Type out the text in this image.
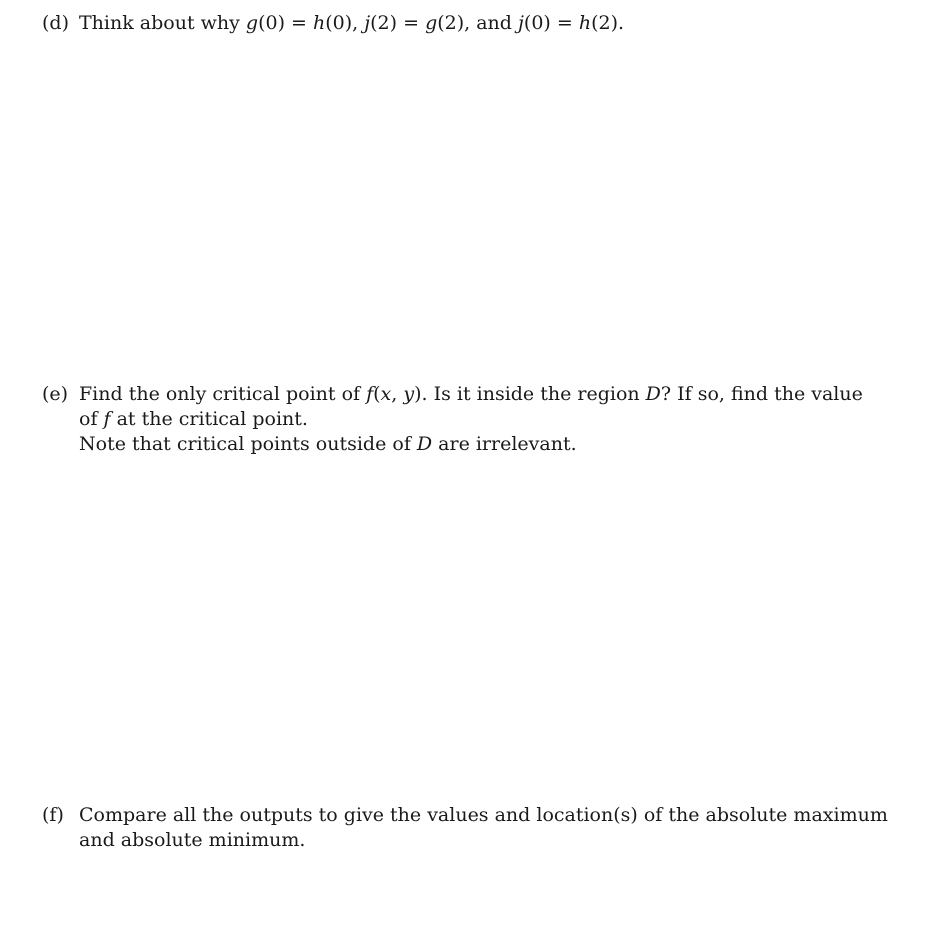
(d) Think about why g(0) = h(0), j(2) = g(2), and j(0) = h(2).
(e) Find the only critical point of f(x, y). Is it inside the region D? If so, find the value
of f at the critical point.
Note that critical points outside of D are irrelevant.
(f) Compare all the outputs to give the values and location(s) of the absolute maximum
and absolute minimum.
